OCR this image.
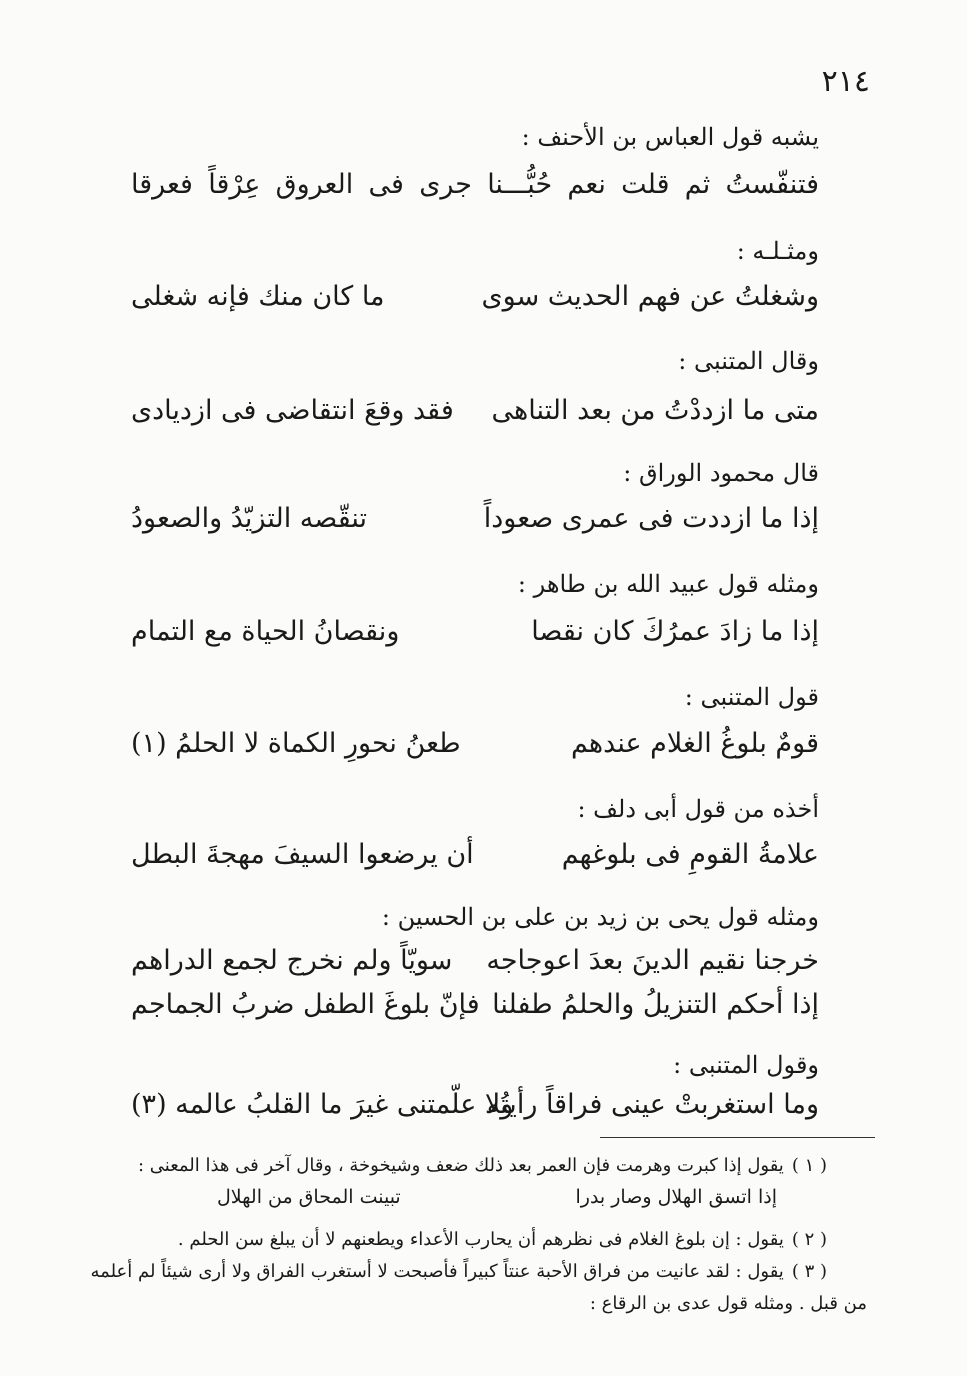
٢١٤
يشبه قول العباس بن الأحنف :
فتنفّستُ ثم قلت نعم حُبُّـــنا جرى فى العروق عِرْقاً فعرقا
ومثـلـه :
وشغلتُ عن فهم الحديث سوى
ما كان منك فإنه شغلى
وقال المتنبى :
متى ما ازددْتُ من بعد التناهى
فقد وقعَ انتقاضى فى ازديادى
قال محمود الوراق :
إذا ما ازددت فى عمرى صعوداً
تنقّصه التزيّدُ والصعودُ
ومثله قول عبيد الله بن طاهر :
إذا ما زادَ عمرُكَ كان نقصا
ونقصانُ الحياة مع التمام
قول المتنبى :
قومٌ بلوغُ الغلام عندهم
طعنُ نحورِ الكماة لا الحلمُ (١)
أخذه من قول أبى دلف :
علامةُ القومِ فى بلوغهم
أن يرضعوا السيفَ مهجةَ البطل
ومثله قول يحى بن زيد بن على بن الحسين :
خرجنا نقيم الدينَ بعدَ اعوجاجه
سويّاً ولم نخرج لجمع الدراهم
إذا أحكم التنزيلُ والحلمُ طفلنا
فإنّ بلوغَ الطفل ضربُ الجماجم
وقول المتنبى :
وما استغربتْ عينى فراقاً رأيتُه
ولا علّمتنى غيرَ ما القلبُ عالمه (٣)
( ١ )يقول إذا كبرت وهرمت فإن العمر بعد ذلك ضعف وشيخوخة ، وقال آخر فى هذا المعنى :
إذا اتسق الهلال وصار بدرا
تبينت المحاق من الهلال
( ٢ )يقول : إن بلوغ الغلام فى نظرهم أن يحارب الأعداء ويطعنهم لا أن يبلغ سن الحلم .
( ٣ )يقول : لقد عانيت من فراق الأحبة عنتاً كبيراً فأصبحت لا أستغرب الفراق ولا أرى شيئاً لم أعلمه
من قبل . ومثله قول عدى بن الرقاع :
